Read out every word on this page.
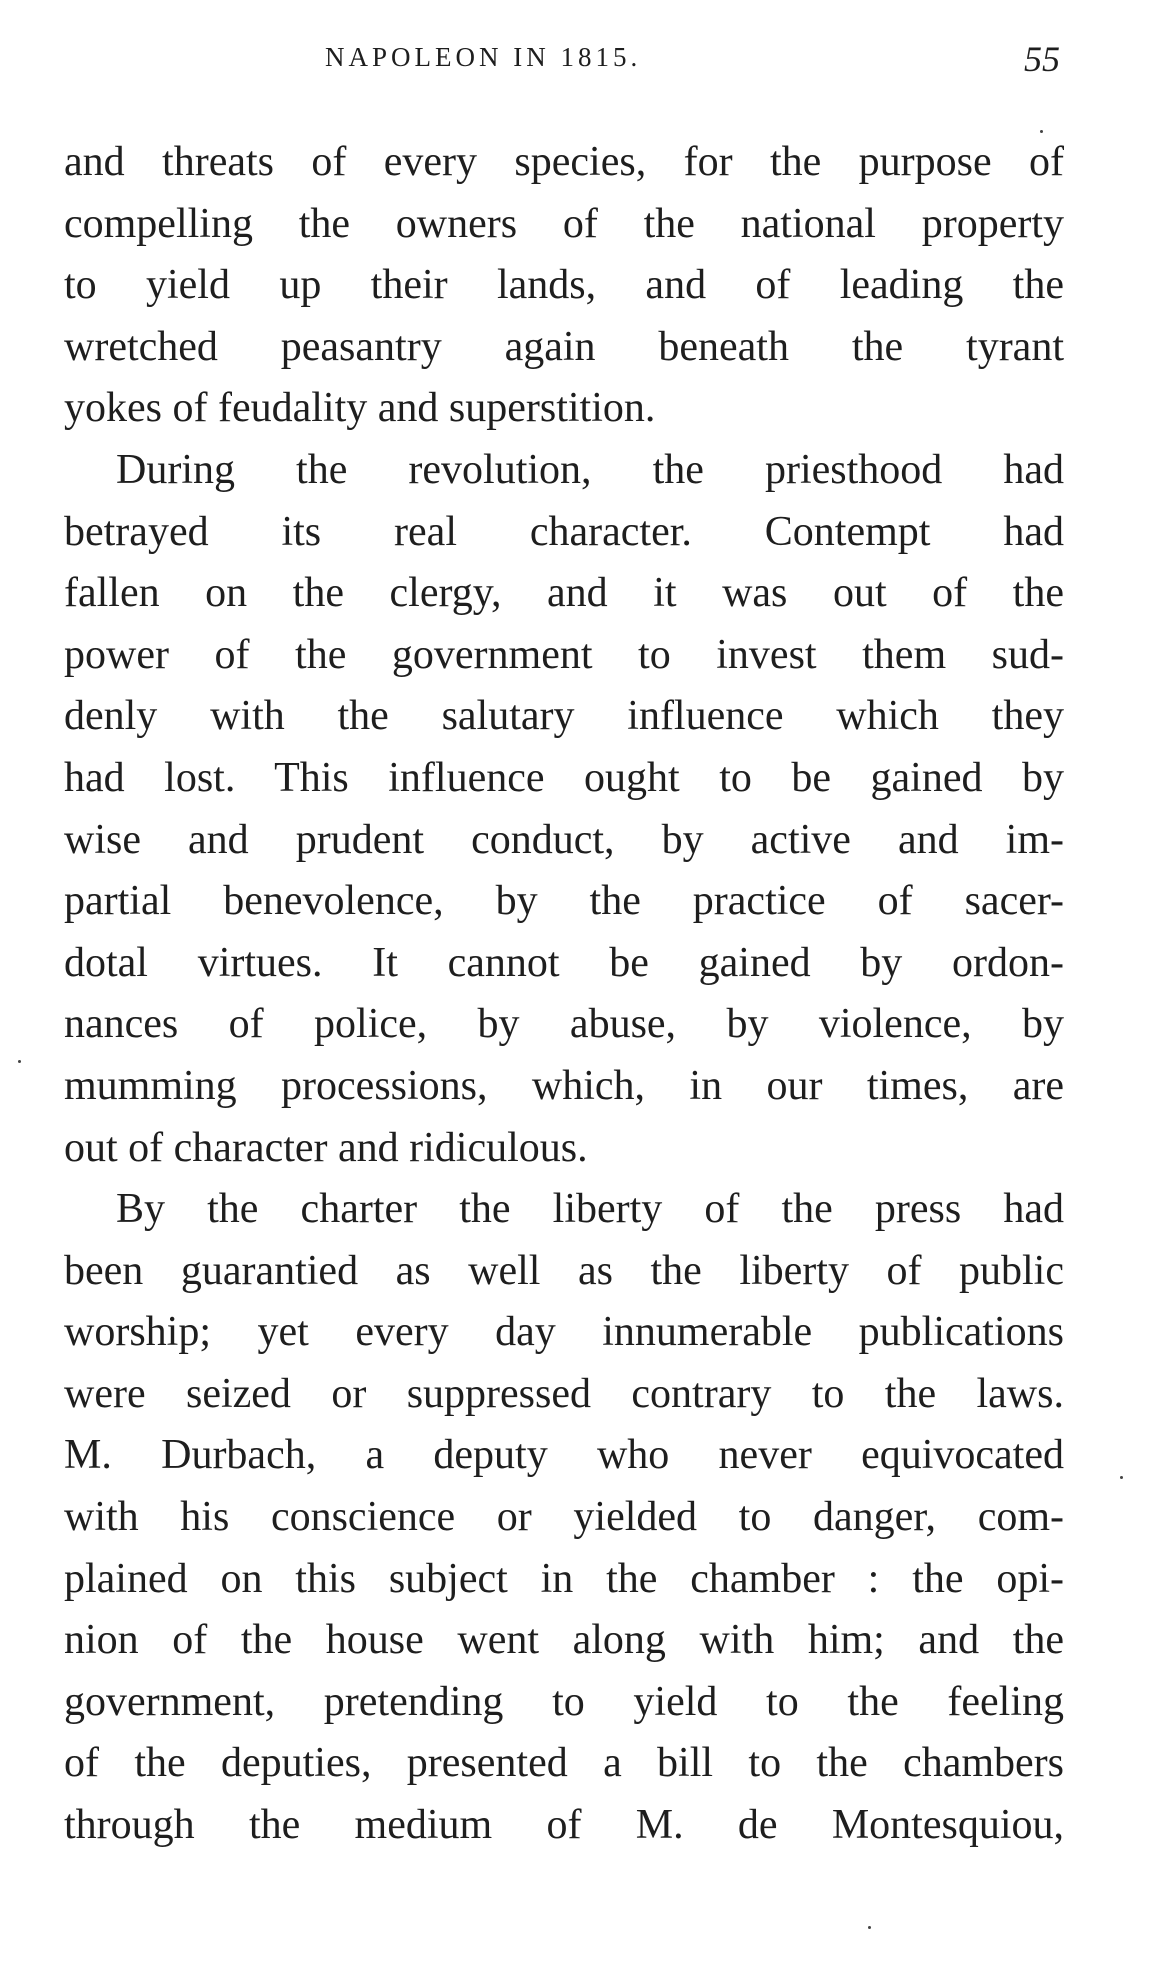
NAPOLEON IN 1815.	55
and threats of every species, for the purpose of
compelling the owners of the national property
to yield up their lands, and of leading the
wretched peasantry again beneath the tyrant
yokes of feudality and superstition.
During the revolution, the priesthood had
betrayed its real character. Contempt had
fallen on the clergy, and it was out of the
power of the government to invest them sud-
denly with the salutary influence which they
had lost. This influence ought to be gained by
wise and prudent conduct, by active and im-
partial benevolence, by the practice of sacer-
dotal virtues. It cannot be gained by ordon-
nances of police, by abuse, by violence, by
mumming processions, which, in our times, are
out of character and ridiculous.
By the charter the liberty of the press had
been guarantied as well as the liberty of public
worship; yet every day innumerable publications
were seized or suppressed contrary to the laws.
M. Durbach, a deputy who never equivocated
with his conscience or yielded to danger, com-
plained on this subject in the chamber : the opi-
nion of the house went along with him; and the
government, pretending to yield to the feeling
of the deputies, presented a bill to the chambers
through the medium of M. de Montesquiou,
